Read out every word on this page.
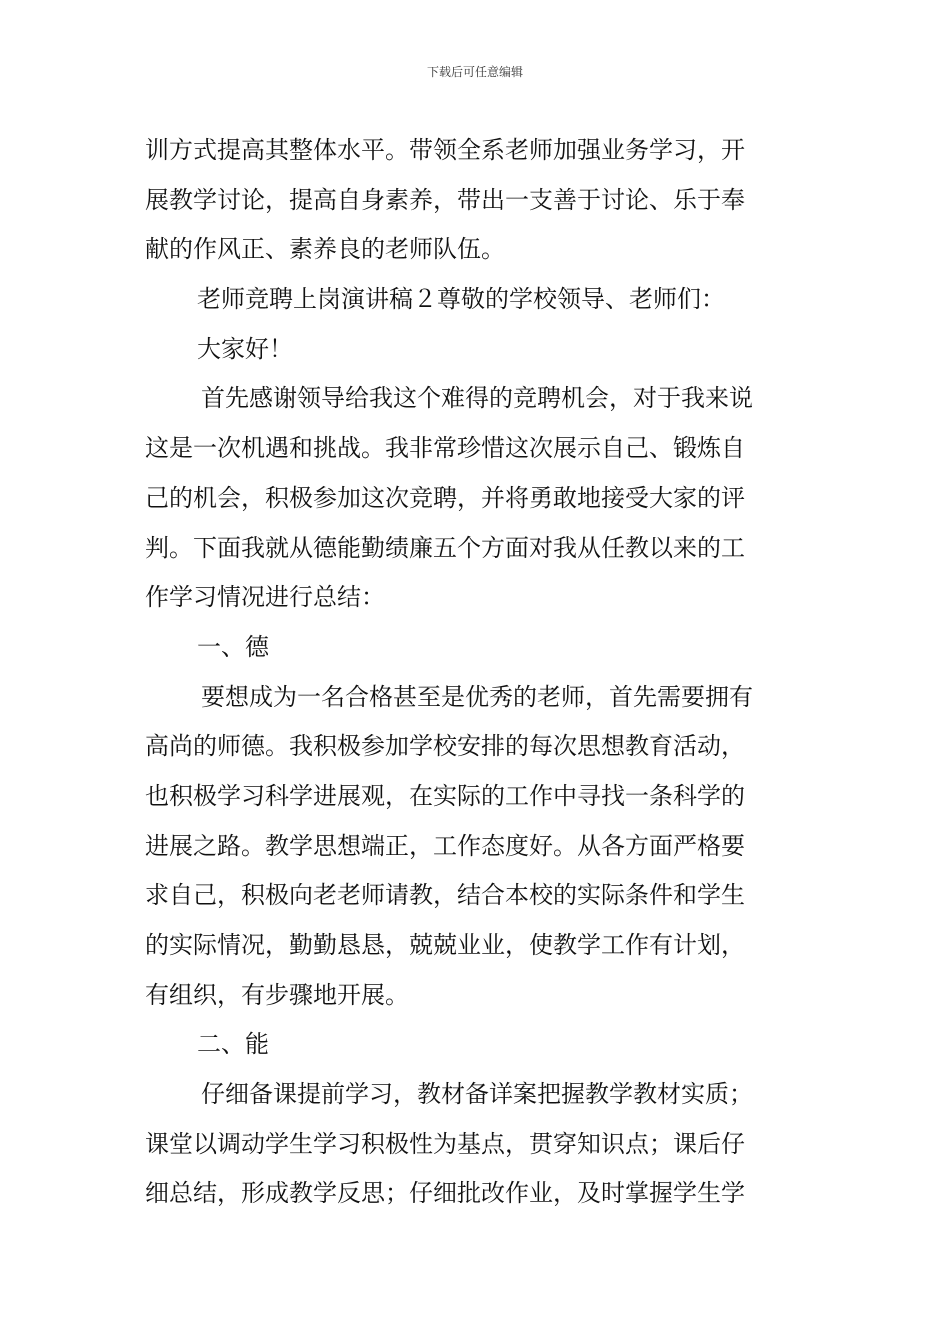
下载后可任意编辑
训方式提高其整体水平。带领全系老师加强业务学习，开
展教学讨论，提高自身素养，带出一支善于讨论、乐于奉
献的作风正、素养良的老师队伍。
老师竞聘上岗演讲稿２尊敬的学校领导、老师们：
大家好！
首先感谢领导给我这个难得的竞聘机会，对于我来说
这是一次机遇和挑战。我非常珍惜这次展示自己、锻炼自
己的机会，积极参加这次竞聘，并将勇敢地接受大家的评
判。下面我就从德能勤绩廉五个方面对我从任教以来的工
作学习情况进行总结：
一、德
要想成为一名合格甚至是优秀的老师，首先需要拥有
高尚的师德。我积极参加学校安排的每次思想教育活动，
也积极学习科学进展观，在实际的工作中寻找一条科学的
进展之路。教学思想端正，工作态度好。从各方面严格要
求自己，积极向老老师请教，结合本校的实际条件和学生
的实际情况，勤勤恳恳，兢兢业业，使教学工作有计划，
有组织，有步骤地开展。
二、能
仔细备课提前学习，教材备详案把握教学教材实质；
课堂以调动学生学习积极性为基点，贯穿知识点；课后仔
细总结，形成教学反思；仔细批改作业，及时掌握学生学
